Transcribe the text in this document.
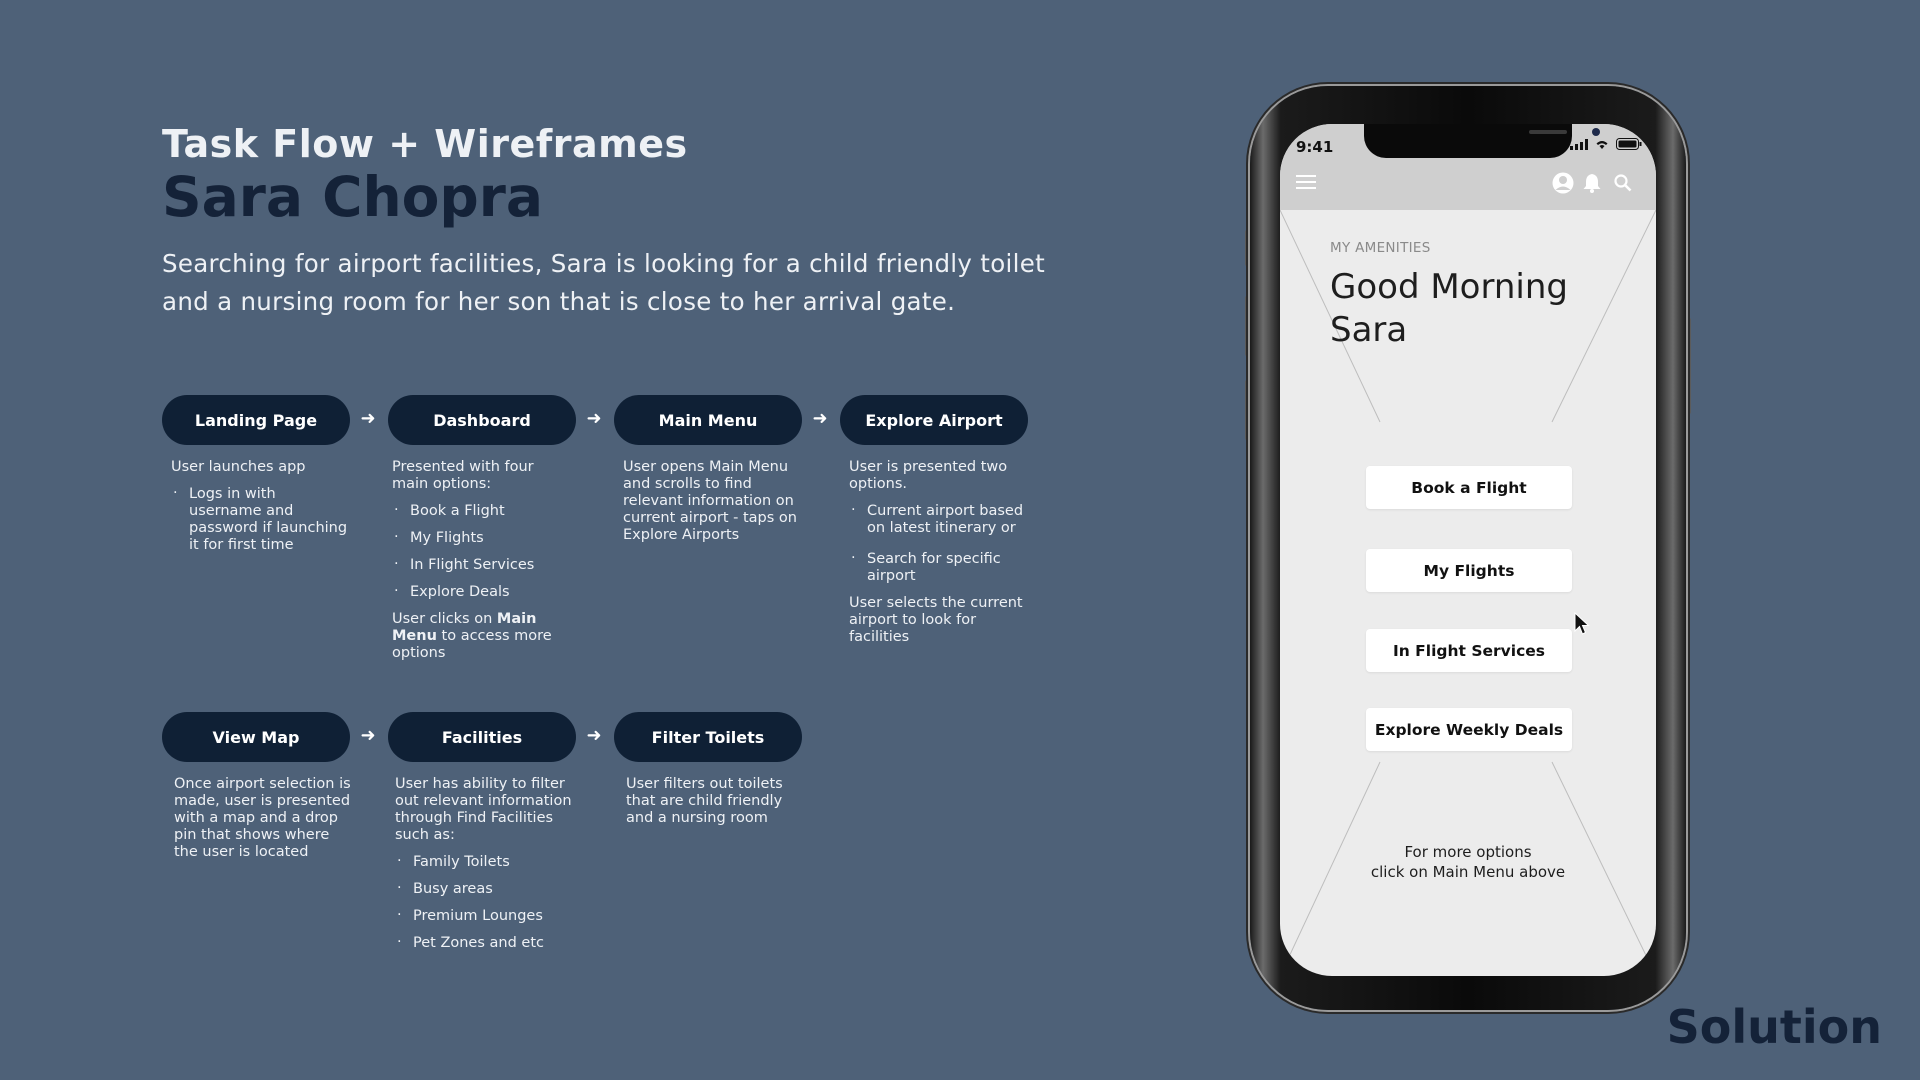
Task Flow + Wireframes
Sara Chopra
Searching for airport facilities, Sara is looking for a child friendly toilet and a nursing room for her son that is close to her arrival gate.
Landing Page	➜	Dashboard	➜	Main Menu	➜	Explore Airport

User launches app

· Logs in with username and password if launching it for first time

Presented with four main options:

· Book a Flight
· My Flights
· In Flight Services
· Explore Deals

User clicks on Main Menu to access more options

User opens Main Menu and scrolls to find relevant information on current airport - taps on Explore Airports

User is presented two options.

· Current airport based on latest itinerary or
· Search for specific airport

User selects the current airport to look for facilities

View Map	➜	Facilities	➜	Filter Toilets

Once airport selection is made, user is presented with a map and a drop pin that shows where the user is located

User has ability to filter out relevant information through Find Facilities such as:

· Family Toilets
· Busy areas
· Premium Lounges
· Pet Zones and etc

User filters out toilets that are child friendly and a nursing room

9:41
MY AMENITIES
Good Morning Sara
Book a Flight
My Flights
In Flight Services
Explore Weekly Deals
For more options
click on Main Menu above
Solution
